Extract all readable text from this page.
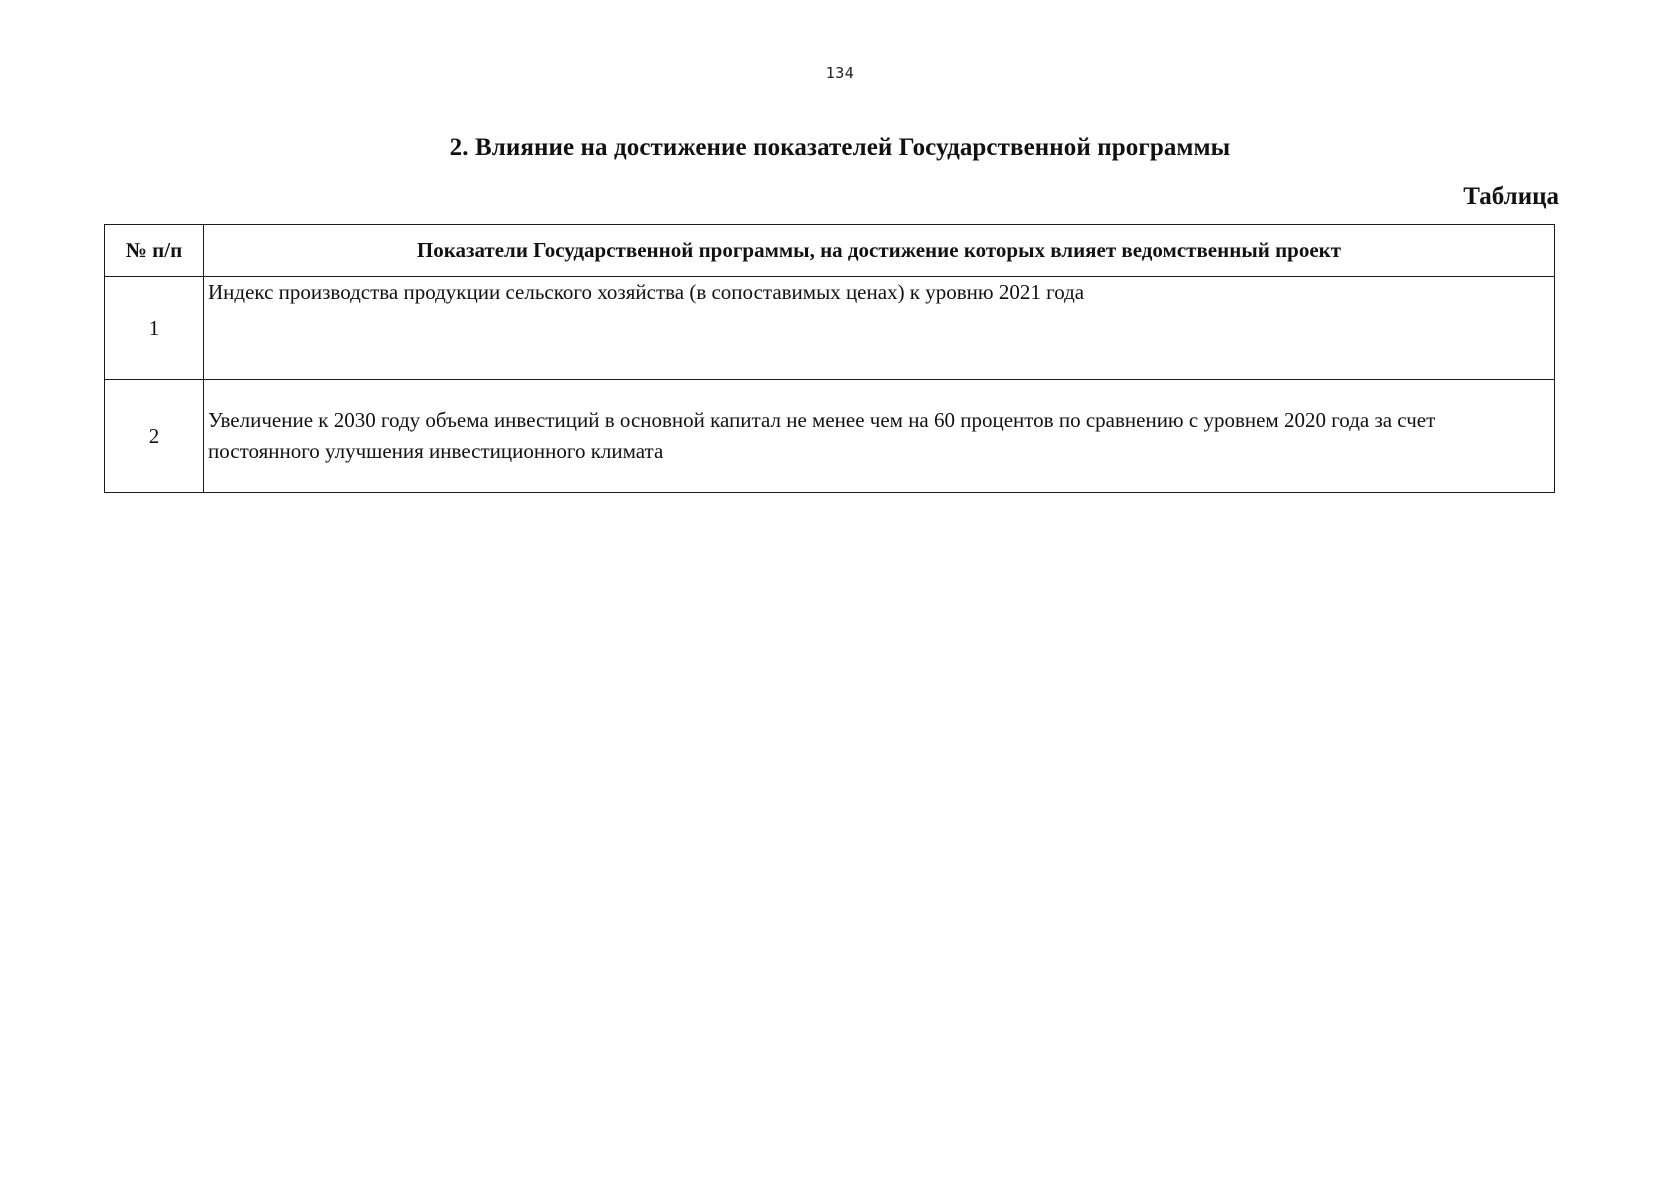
134
2. Влияние на достижение показателей Государственной программы
Таблица
№ п/п	Показатели Государственной программы, на достижение которых влияет ведомственный проект
1	Индекс производства продукции сельского хозяйства (в сопоставимых ценах) к уровню 2021 года
2	Увеличение к 2030 году объема инвестиций в основной капитал не менее чем на 60 процентов по сравнению с уровнем 2020 года за счет постоянного улучшения инвестиционного климата
